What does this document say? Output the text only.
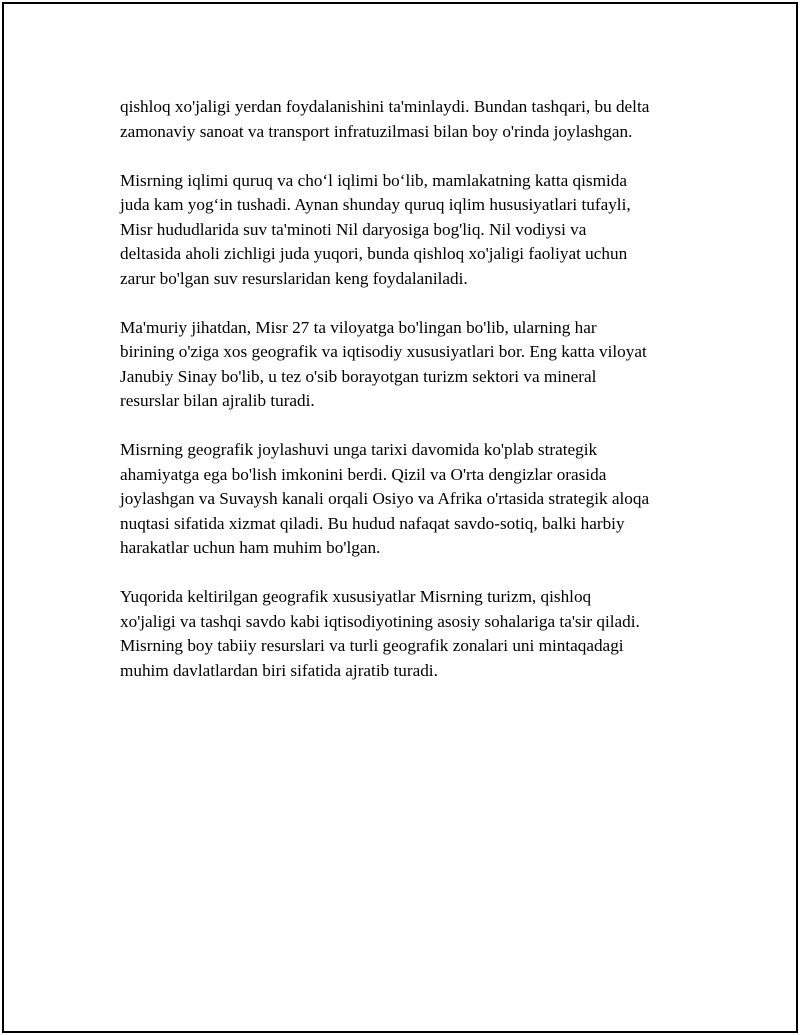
qishloq xo'jaligi yerdan foydalanishini ta'minlaydi. Bundan tashqari, bu delta
zamonaviy sanoat va transport infratuzilmasi bilan boy o'rinda joylashgan.

Misrning iqlimi quruq va cho‘l iqlimi bo‘lib, mamlakatning katta qismida
juda kam yog‘in tushadi. Aynan shunday quruq iqlim hususiyatlari tufayli,
Misr hududlarida suv ta'minoti Nil daryosiga bog'liq. Nil vodiysi va
deltasida aholi zichligi juda yuqori, bunda qishloq xo'jaligi faoliyat uchun
zarur bo'lgan suv resurslaridan keng foydalaniladi.

Ma'muriy jihatdan, Misr 27 ta viloyatga bo'lingan bo'lib, ularning har
birining o'ziga xos geografik va iqtisodiy xususiyatlari bor. Eng katta viloyat
Janubiy Sinay bo'lib, u tez o'sib borayotgan turizm sektori va mineral
resurslar bilan ajralib turadi.

Misrning geografik joylashuvi unga tarixi davomida ko'plab strategik
ahamiyatga ega bo'lish imkonini berdi. Qizil va O'rta dengizlar orasida
joylashgan va Suvaysh kanali orqali Osiyo va Afrika o'rtasida strategik aloqa
nuqtasi sifatida xizmat qiladi. Bu hudud nafaqat savdo-sotiq, balki harbiy
harakatlar uchun ham muhim bo'lgan.

Yuqorida keltirilgan geografik xususiyatlar Misrning turizm, qishloq
xo'jaligi va tashqi savdo kabi iqtisodiyotining asosiy sohalariga ta'sir qiladi.
Misrning boy tabiiy resurslari va turli geografik zonalari uni mintaqadagi
muhim davlatlardan biri sifatida ajratib turadi.
